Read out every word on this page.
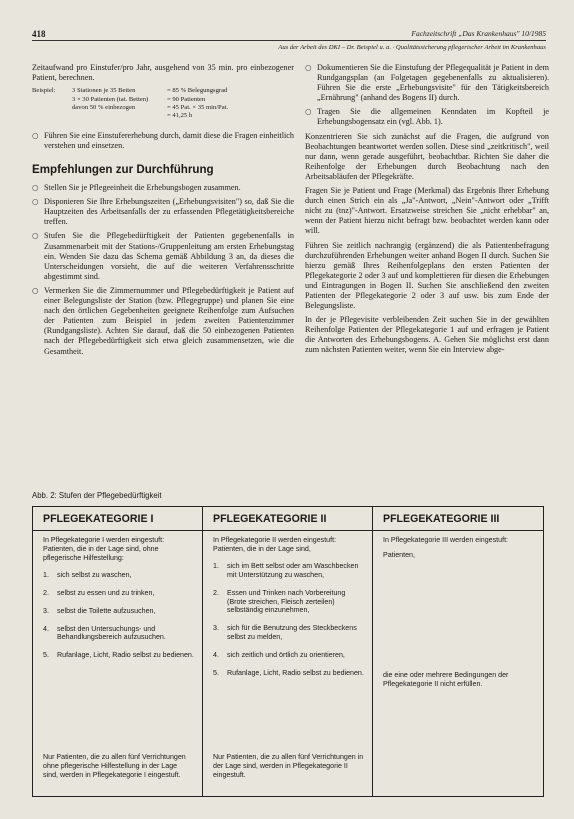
418	Fachzeitschrift „Das Krankenhaus" 10/1985
Aus der Arbeit des DKI – Dr. Beispiel u. a. · Qualitätssicherung pflegerischer Arbeit im Krankenhaus

Zeitaufwand pro Einstufer/pro Jahr, ausgehend von 35 min. pro einbezogener Patient, berechnen.

Beispiel:	3 Stationen je 35 Betten	= 85 % Belegungsgrad
3 × 30 Patienten (tat. Betten)	= 90 Patienten
davon 50 % einbezogen	= 45 Pat. × 35 min/Pat.
= 41,25 h
○ Führen Sie eine Einstufererhebung durch, damit diese die Fragen einheitlich verstehen und einsetzen.
Empfehlungen zur Durchführung
○ Stellen Sie je Pflegeeinheit die Erhebungsbogen zusammen.
○ Disponieren Sie Ihre Erhebungszeiten („Erhebungsvisiten") so, daß Sie die Hauptzeiten des Arbeitsanfalls der zu erfassenden Pflegetätigkeitsbereiche treffen.
○ Stufen Sie die Pflegebedürftigkeit der Patienten gegebenenfalls in Zusammenarbeit mit der Stations-/Gruppenleitung am ersten Erhebungstag ein. Wenden Sie dazu das Schema gemäß Abbildung 3 an, da dieses die Unterscheidungen vorsieht, die auf die weiteren Verfahrensschritte abgestimmt sind.
○ Vermerken Sie die Zimmernummer und Pflegebedürftigkeit je Patient auf einer Belegungsliste der Station (bzw. Pflegegruppe) und planen Sie eine nach den örtlichen Gegebenheiten geeignete Reihenfolge zum Aufsuchen der Patienten zum Beispiel in jedem zweiten Patientenzimmer (Rundgangsliste). Achten Sie darauf, daß die 50 einbezogenen Patienten nach der Pflegebedürftigkeit sich etwa gleich zusammensetzen, wie die Gesamtheit.
○ Dokumentieren Sie die Einstufung der Pflegequalität je Patient in dem Rundgangsplan (an Folgetagen gegebenenfalls zu aktualisieren). Führen Sie die erste „Erhebungsvisite" für den Tätigkeitsbereich „Ernährung" (anhand des Bogens II) durch.
○ Tragen Sie die allgemeinen Kenndaten im Kopfteil je Erhebungsbogensatz ein (vgl. Abb. 1).

Konzentrieren Sie sich zunächst auf die Fragen, die aufgrund von Beobachtungen beantwortet werden sollen. Diese sind „zeitkritisch", weil nur dann, wenn gerade ausgeführt, beobachtbar. Richten Sie daher die Reihenfolge der Erhebungen durch Beobachtung nach den Arbeitsabläufen der Pflegekräfte.

Fragen Sie je Patient und Frage (Merkmal) das Ergebnis Ihrer Erhebung durch einen Strich ein als „Ja"-Antwort, „Nein"-Antwort oder „Trifft nicht zu (tnz)"-Antwort. Ersatzweise streichen Sie „nicht erhebbar" an, wenn der Patient hierzu nicht befragt bzw. beobachtet werden kann oder will.

Führen Sie zeitlich nachrangig (ergänzend) die als Patientenbefragung durchzuführenden Erhebungen weiter anhand Bogen II durch. Suchen Sie hierzu gemäß Ihres Reihenfolgeplans den ersten Patienten der Pflegekategorie 2 oder 3 auf und komplettieren für diesen die Erhebungen und Eintragungen in Bogen II. Suchen Sie anschließend den zweiten Patienten der Pflegekategorie 2 oder 3 auf usw. bis zum Ende der Belegungsliste.

In der je Pflegevisite verbleibenden Zeit suchen Sie in der gewählten Reihenfolge Patienten der Pflegekategorie 1 auf und erfragen je Patient die Antworten des Erhebungsbogens. A. Gehen Sie möglichst erst dann zum nächsten Patienten weiter, wenn Sie ein Interview abge-

Abb. 2: Stufen der Pflegebedürftigkeit
PFLEGEKATEGORIE I
In Pflegekategorie I werden eingestuft:
Patienten, die in der Lage sind, ohne pflegerische Hilfestellung:
1.	sich selbst zu waschen,
2.	selbst zu essen und zu trinken,
3.	selbst die Toilette aufzusuchen,
4.	selbst den Untersuchungs- und Behandlungsbereich aufzusuchen.
5.	Rufanlage, Licht, Radio selbst zu bedienen.
Nur Patienten, die zu allen fünf Verrichtungen ohne pflegerische Hilfestellung in der Lage sind, werden in Pflegekategorie I eingestuft.
PFLEGEKATEGORIE II
In Pflegekategorie II werden eingestuft:
Patienten, die in der Lage sind,
1.	sich im Bett selbst oder am Waschbecken mit Unterstützung zu waschen,
2.	Essen und Trinken nach Vorbereitung (Brote streichen, Fleisch zerteilen) selbständig einzunehmen,
3.	sich für die Benutzung des Steckbeckens selbst zu melden,
4.	sich zeitlich und örtlich zu orientieren,
5.	Rufanlage, Licht, Radio selbst zu bedienen.
Nur Patienten, die zu allen fünf Verrichtungen in der Lage sind, werden in Pflegekategorie II eingestuft.
PFLEGEKATEGORIE III
In Pflegekategorie III werden eingestuft:
Patienten,
die eine oder mehrere Bedingungen der Pflegekategorie II nicht erfüllen.
